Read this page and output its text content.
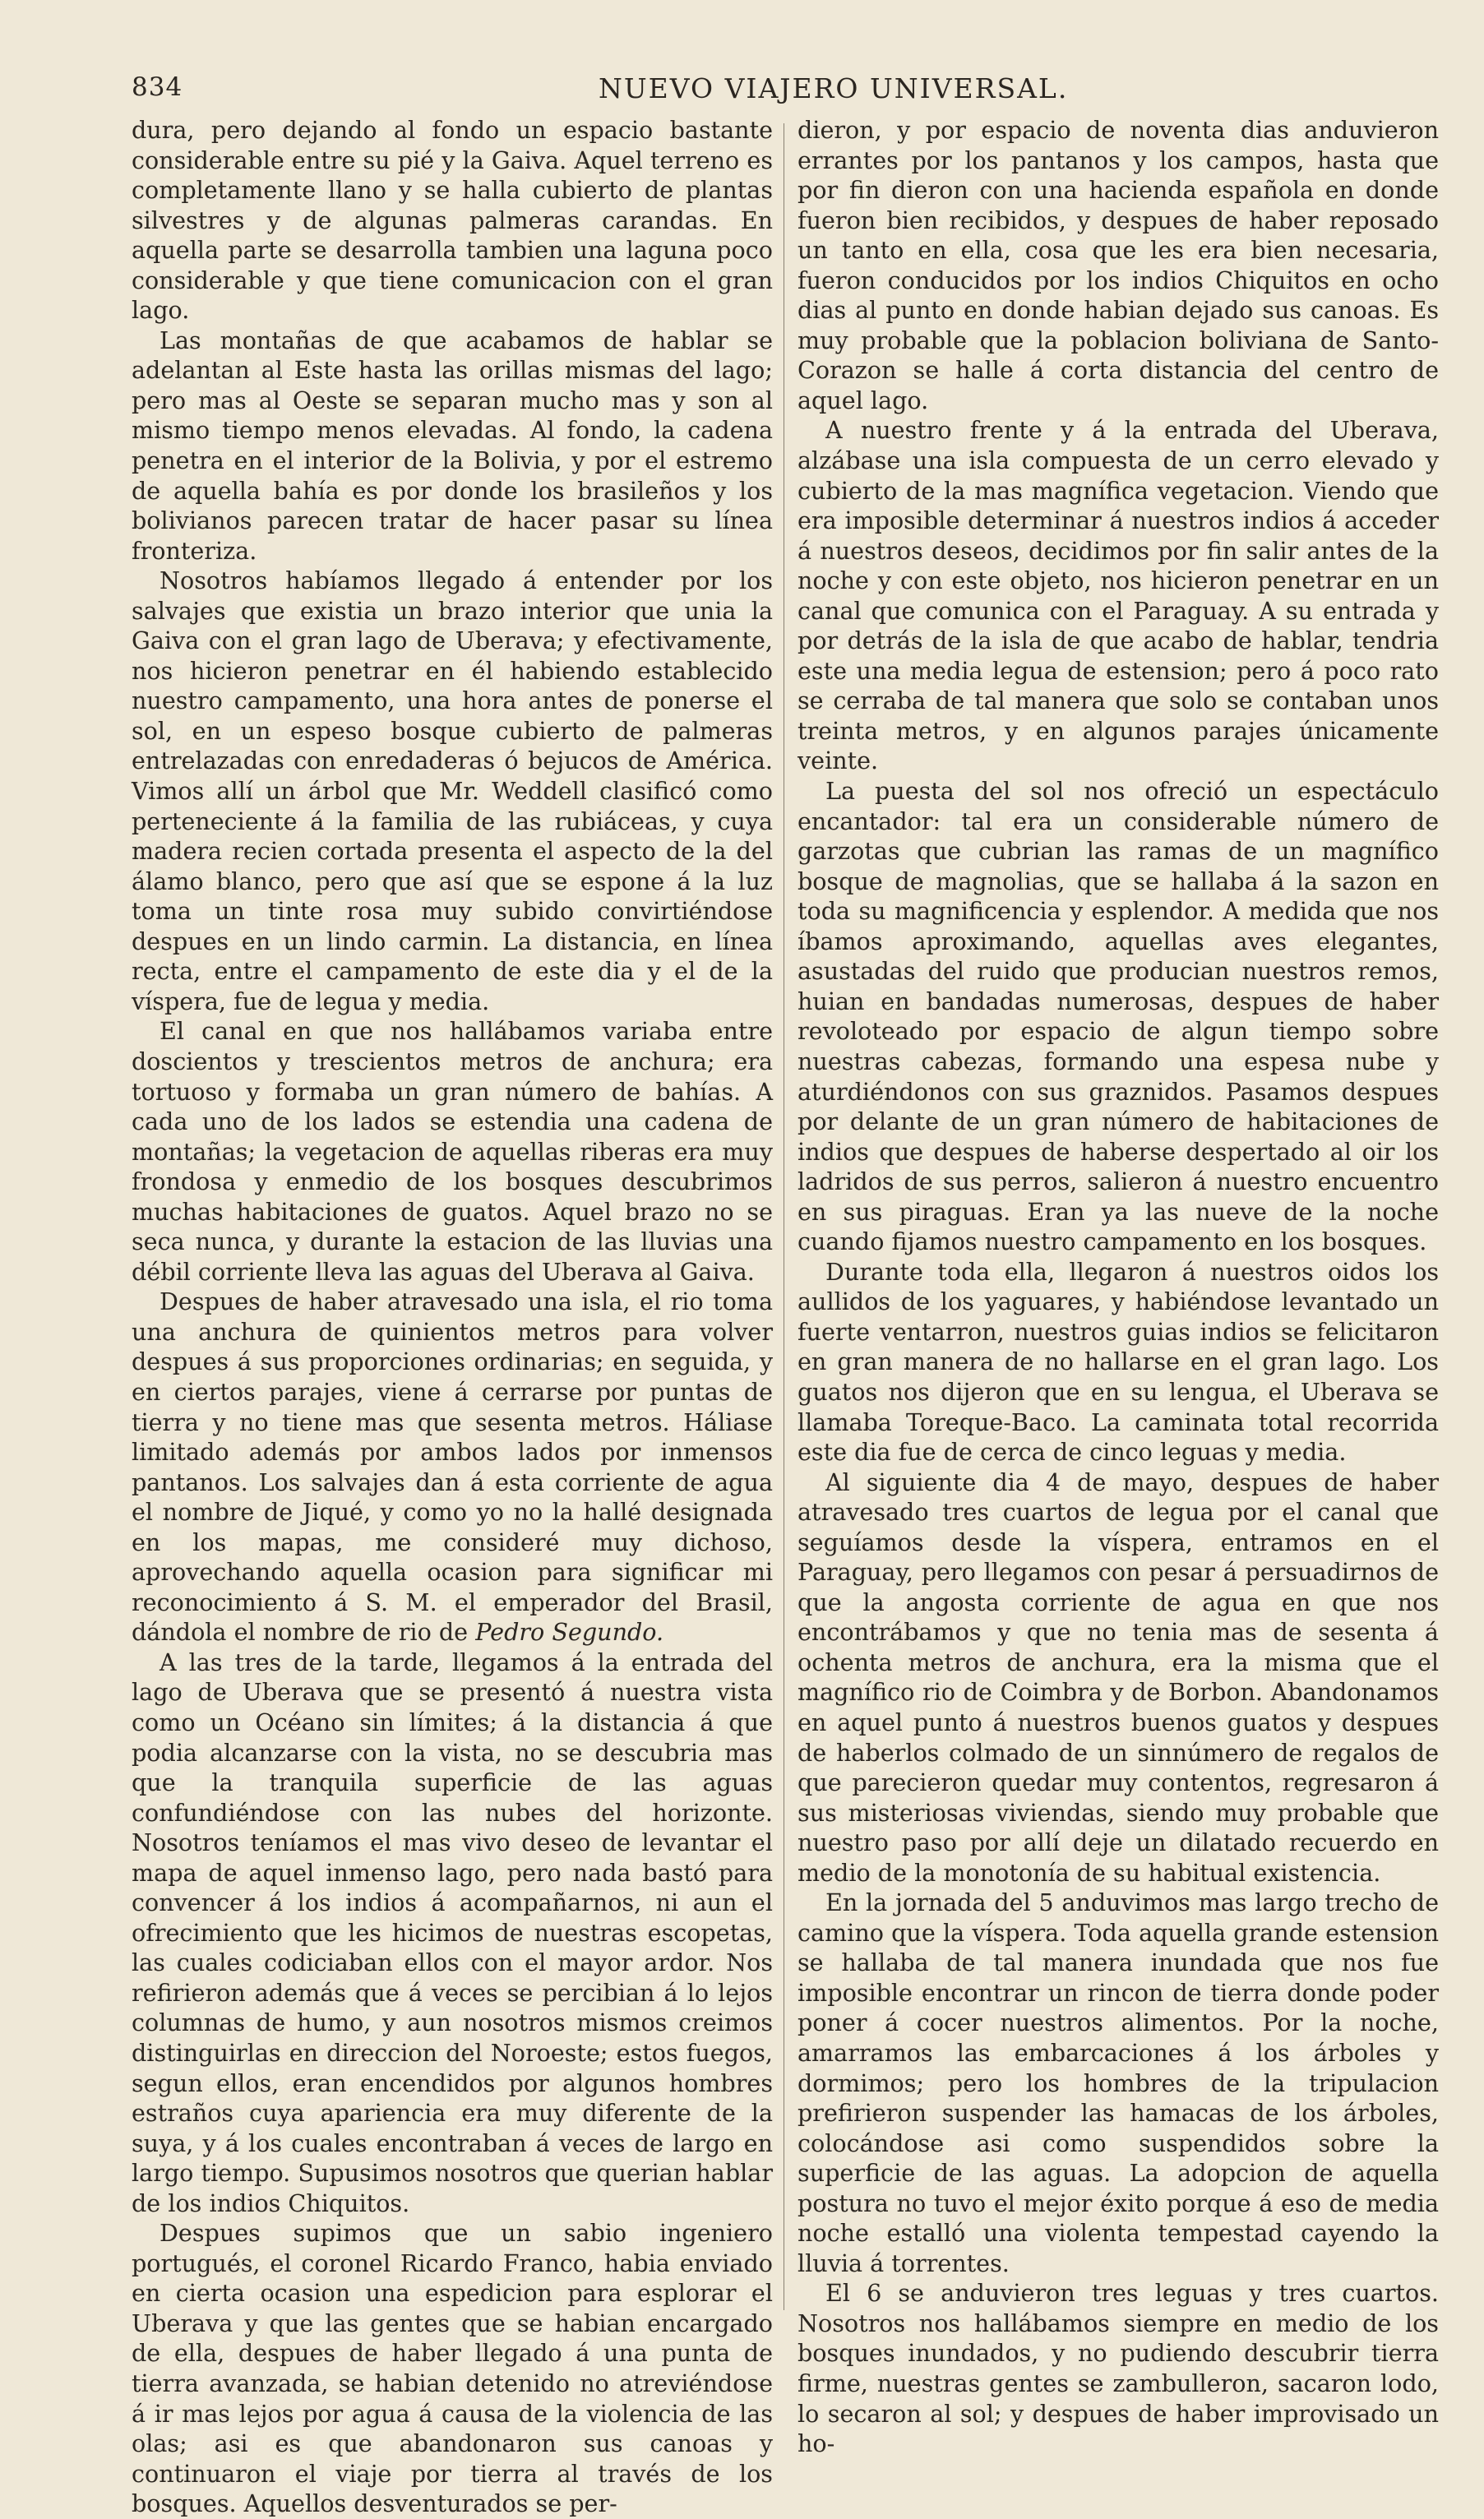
834	NUEVO VIAJERO UNIVERSAL.

dura, pero dejando al fondo un espacio bastante considerable entre su pié y la Gaiva. Aquel terreno es completamente llano y se halla cubierto de plantas silvestres y de algunas palmeras carandas. En aquella parte se desarrolla tambien una laguna poco considerable y que tiene comunicacion con el gran lago.

Las montañas de que acabamos de hablar se adelantan al Este hasta las orillas mismas del lago; pero mas al Oeste se separan mucho mas y son al mismo tiempo menos elevadas. Al fondo, la cadena penetra en el interior de la Bolivia, y por el estremo de aquella bahía es por donde los brasileños y los bolivianos parecen tratar de hacer pasar su línea fronteriza.

Nosotros habíamos llegado á entender por los salvajes que existia un brazo interior que unia la Gaiva con el gran lago de Uberava; y efectivamente, nos hicieron penetrar en él habiendo establecido nuestro campamento, una hora antes de ponerse el sol, en un espeso bosque cubierto de palmeras entrelazadas con enredaderas ó bejucos de América. Vimos allí un árbol que Mr. Weddell clasificó como perteneciente á la familia de las rubiáceas, y cuya madera recien cortada presenta el aspecto de la del álamo blanco, pero que así que se espone á la luz toma un tinte rosa muy subido convirtiéndose despues en un lindo carmin. La distancia, en línea recta, entre el campamento de este dia y el de la víspera, fue de legua y media.

El canal en que nos hallábamos variaba entre doscientos y trescientos metros de anchura; era tortuoso y formaba un gran número de bahías. A cada uno de los lados se estendia una cadena de montañas; la vegetacion de aquellas riberas era muy frondosa y enmedio de los bosques descubrimos muchas habitaciones de guatos. Aquel brazo no se seca nunca, y durante la estacion de las lluvias una débil corriente lleva las aguas del Uberava al Gaiva.

Despues de haber atravesado una isla, el rio toma una anchura de quinientos metros para volver despues á sus proporciones ordinarias; en seguida, y en ciertos parajes, viene á cerrarse por puntas de tierra y no tiene mas que sesenta metros. Háliase limitado además por ambos lados por inmensos pantanos. Los salvajes dan á esta corriente de agua el nombre de Jiqué, y como yo no la hallé designada en los mapas, me consideré muy dichoso, aprovechando aquella ocasion para significar mi reconocimiento á S. M. el emperador del Brasil, dándola el nombre de rio de Pedro Segundo.

A las tres de la tarde, llegamos á la entrada del lago de Uberava que se presentó á nuestra vista como un Océano sin límites; á la distancia á que podia alcanzarse con la vista, no se descubria mas que la tranquila superficie de las aguas confundiéndose con las nubes del horizonte. Nosotros teníamos el mas vivo deseo de levantar el mapa de aquel inmenso lago, pero nada bastó para convencer á los indios á acompañarnos, ni aun el ofrecimiento que les hicimos de nuestras escopetas, las cuales codiciaban ellos con el mayor ardor. Nos refirieron además que á veces se percibian á lo lejos columnas de humo, y aun nosotros mismos creimos distinguirlas en direccion del Noroeste; estos fuegos, segun ellos, eran encendidos por algunos hombres estraños cuya apariencia era muy diferente de la suya, y á los cuales encontraban á veces de largo en largo tiempo. Supusimos nosotros que querian hablar de los indios Chiquitos.

Despues supimos que un sabio ingeniero portugués, el coronel Ricardo Franco, habia enviado en cierta ocasion una espedicion para esplorar el Uberava y que las gentes que se habian encargado de ella, despues de haber llegado á una punta de tierra avanzada, se habian detenido no atreviéndose á ir mas lejos por agua á causa de la violencia de las olas; asi es que abandonaron sus canoas y continuaron el viaje por tierra al través de los bosques. Aquellos desventurados se per-

dieron, y por espacio de noventa dias anduvieron errantes por los pantanos y los campos, hasta que por fin dieron con una hacienda española en donde fueron bien recibidos, y despues de haber reposado un tanto en ella, cosa que les era bien necesaria, fueron conducidos por los indios Chiquitos en ocho dias al punto en donde habian dejado sus canoas. Es muy probable que la poblacion boliviana de Santo-Corazon se halle á corta distancia del centro de aquel lago.

A nuestro frente y á la entrada del Uberava, alzábase una isla compuesta de un cerro elevado y cubierto de la mas magnífica vegetacion. Viendo que era imposible determinar á nuestros indios á acceder á nuestros deseos, decidimos por fin salir antes de la noche y con este objeto, nos hicieron penetrar en un canal que comunica con el Paraguay. A su entrada y por detrás de la isla de que acabo de hablar, tendria este una media legua de estension; pero á poco rato se cerraba de tal manera que solo se contaban unos treinta metros, y en algunos parajes únicamente veinte.

La puesta del sol nos ofreció un espectáculo encantador: tal era un considerable número de garzotas que cubrian las ramas de un magnífico bosque de magnolias, que se hallaba á la sazon en toda su magnificencia y esplendor. A medida que nos íbamos aproximando, aquellas aves elegantes, asustadas del ruido que producian nuestros remos, huian en bandadas numerosas, despues de haber revoloteado por espacio de algun tiempo sobre nuestras cabezas, formando una espesa nube y aturdiéndonos con sus graznidos. Pasamos despues por delante de un gran número de habitaciones de indios que despues de haberse despertado al oir los ladridos de sus perros, salieron á nuestro encuentro en sus piraguas. Eran ya las nueve de la noche cuando fijamos nuestro campamento en los bosques.

Durante toda ella, llegaron á nuestros oidos los aullidos de los yaguares, y habiéndose levantado un fuerte ventarron, nuestros guias indios se felicitaron en gran manera de no hallarse en el gran lago. Los guatos nos dijeron que en su lengua, el Uberava se llamaba Toreque-Baco. La caminata total recorrida este dia fue de cerca de cinco leguas y media.

Al siguiente dia 4 de mayo, despues de haber atravesado tres cuartos de legua por el canal que seguíamos desde la víspera, entramos en el Paraguay, pero llegamos con pesar á persuadirnos de que la angosta corriente de agua en que nos encontrábamos y que no tenia mas de sesenta á ochenta metros de anchura, era la misma que el magnífico rio de Coimbra y de Borbon. Abandonamos en aquel punto á nuestros buenos guatos y despues de haberlos colmado de un sinnúmero de regalos de que parecieron quedar muy contentos, regresaron á sus misteriosas viviendas, siendo muy probable que nuestro paso por allí deje un dilatado recuerdo en medio de la monotonía de su habitual existencia.

En la jornada del 5 anduvimos mas largo trecho de camino que la víspera. Toda aquella grande estension se hallaba de tal manera inundada que nos fue imposible encontrar un rincon de tierra donde poder poner á cocer nuestros alimentos. Por la noche, amarramos las embarcaciones á los árboles y dormimos; pero los hombres de la tripulacion prefirieron suspender las hamacas de los árboles, colocándose asi como suspendidos sobre la superficie de las aguas. La adopcion de aquella postura no tuvo el mejor éxito porque á eso de media noche estalló una violenta tempestad cayendo la lluvia á torrentes.

El 6 se anduvieron tres leguas y tres cuartos. Nosotros nos hallábamos siempre en medio de los bosques inundados, y no pudiendo descubrir tierra firme, nuestras gentes se zambulleron, sacaron lodo, lo secaron al sol; y despues de haber improvisado un ho-
